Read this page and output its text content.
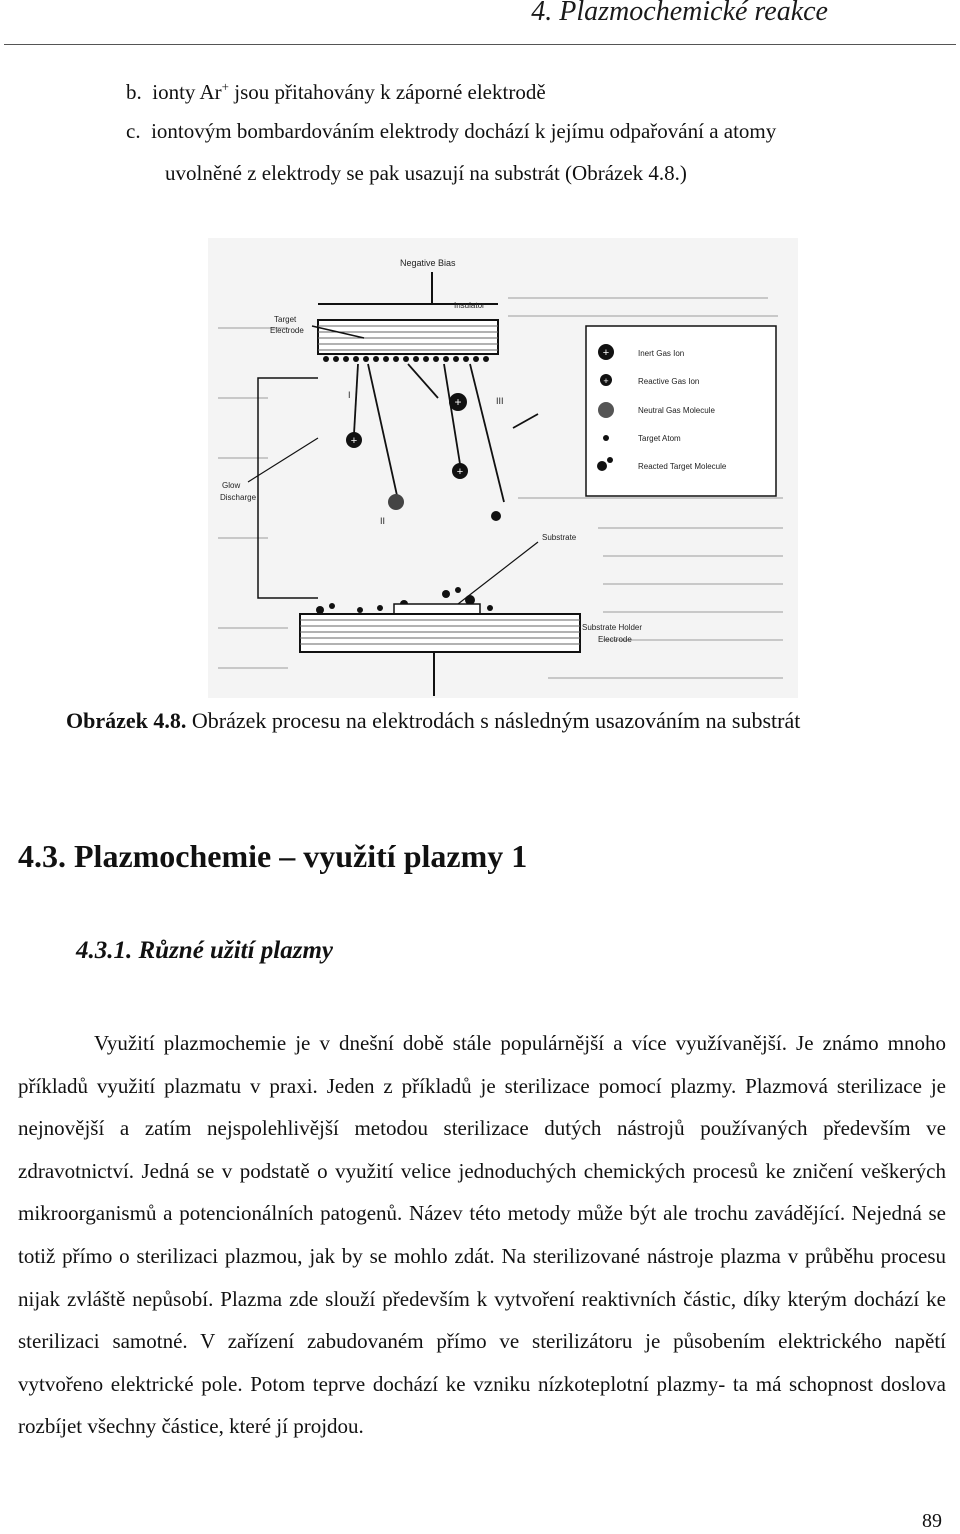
4. Plazmochemické reakce
b. ionty Ar+ jsou přitahovány k záporné elektrodě
c. iontovým bombardováním elektrody dochází k jejímu odpařování a atomy
uvolněné z elektrody se pak usazují na substrát (Obrázek 4.8.)
Negative Bias
Insulator
Target
Electrode
Glow
Discharge
I
II
III
+
+
+
Substrate
Substrate Holder
Electrode
+	Inert Gas Ion
+	Reactive Gas Ion
Neutral Gas Molecule
Target Atom
Reacted Target Molecule
Obrázek 4.8. Obrázek procesu na elektrodách s následným usazováním na substrát
4.3. Plazmochemie – využití plazmy 1
4.3.1. Různé užití plazmy
Využití plazmochemie je v dnešní době stále populárnější a více využívanější. Je známo mnoho příkladů využití plazmatu v praxi. Jeden z příkladů je sterilizace pomocí plazmy. Plazmová sterilizace je nejnovější a zatím nejspolehlivější metodou sterilizace dutých nástrojů používaných především ve zdravotnictví. Jedná se v podstatě o využití velice jednoduchých chemických procesů ke zničení veškerých mikroorganismů a potencionálních patogenů. Název této metody může být ale trochu zavádějící. Nejedná se totiž přímo o sterilizaci plazmou, jak by se mohlo zdát. Na sterilizované nástroje plazma v průběhu procesu nijak zvláště nepůsobí. Plazma zde slouží především k vytvoření reaktivních částic, díky kterým dochází ke sterilizaci samotné. V zařízení zabudovaném přímo ve sterilizátoru je působením elektrického napětí vytvořeno elektrické pole. Potom teprve dochází ke vzniku nízkoteplotní plazmy- ta má schopnost doslova rozbíjet všechny částice, které jí projdou.
89
